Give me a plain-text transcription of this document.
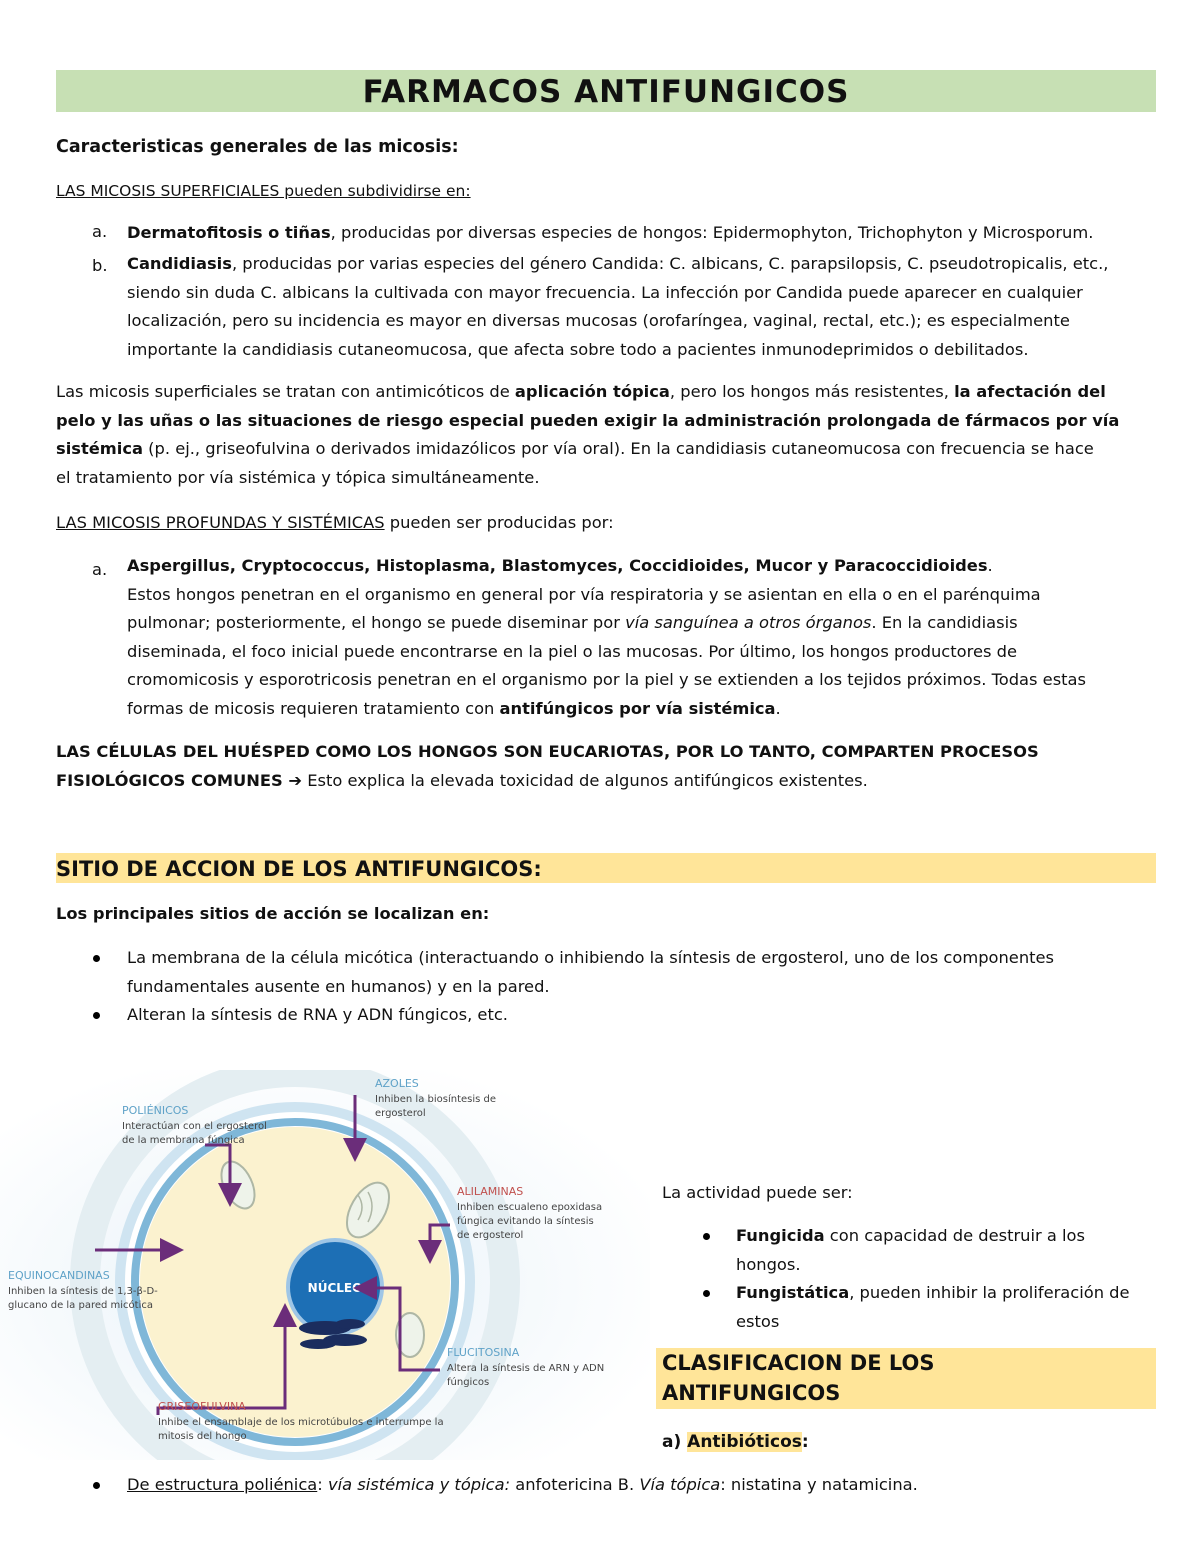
FARMACOS ANTIFUNGICOS
Caracteristicas generales de las micosis:
LAS MICOSIS SUPERFICIALES pueden subdividirse en:
a. Dermatofitosis o tiñas, producidas por diversas especies de hongos: Epidermophyton, Trichophyton y Microsporum.
b. Candidiasis, producidas por varias especies del género Candida: C. albicans, C. parapsilopsis, C. pseudotropicalis, etc.,
siendo sin duda C. albicans la cultivada con mayor frecuencia. La infección por Candida puede aparecer en cualquier
localización, pero su incidencia es mayor en diversas mucosas (orofaríngea, vaginal, rectal, etc.); es especialmente
importante la candidiasis cutaneomucosa, que afecta sobre todo a pacientes inmunodeprimidos o debilitados.
Las micosis superficiales se tratan con antimicóticos de aplicación tópica, pero los hongos más resistentes, la afectación del
pelo y las uñas o las situaciones de riesgo especial pueden exigir la administración prolongada de fármacos por vía
sistémica (p. ej., griseofulvina o derivados imidazólicos por vía oral). En la candidiasis cutaneomucosa con frecuencia se hace
el tratamiento por vía sistémica y tópica simultáneamente.
LAS MICOSIS PROFUNDAS Y SISTÉMICAS pueden ser producidas por:
a. Aspergillus, Cryptococcus, Histoplasma, Blastomyces, Coccidioides, Mucor y Paracoccidioides.
Estos hongos penetran en el organismo en general por vía respiratoria y se asientan en ella o en el parénquima
pulmonar; posteriormente, el hongo se puede diseminar por vía sanguínea a otros órganos. En la candidiasis
diseminada, el foco inicial puede encontrarse en la piel o las mucosas. Por último, los hongos productores de
cromomicosis y esporotricosis penetran en el organismo por la piel y se extienden a los tejidos próximos. Todas estas
formas de micosis requieren tratamiento con antifúngicos por vía sistémica.
LAS CÉLULAS DEL HUÉSPED COMO LOS HONGOS SON EUCARIOTAS, POR LO TANTO, COMPARTEN PROCESOS
FISIOLÓGICOS COMUNES ➔ Esto explica la elevada toxicidad de algunos antifúngicos existentes.
SITIO DE ACCION DE LOS ANTIFUNGICOS:
Los principales sitios de acción se localizan en:
La membrana de la célula micótica (interactuando o inhibiendo la síntesis de ergosterol, uno de los componentes
fundamentales ausente en humanos) y en la pared.
Alteran la síntesis de RNA y ADN fúngicos, etc.
NÚCLEO
AZOLES
Inhiben la biosíntesis de
ergosterol
POLIÉNICOS
Interactúan con el ergosterol
de la membrana fúngica
ALILAMINAS
Inhiben escualeno epoxidasa
fúngica evitando la síntesis
de ergosterol
EQUINOCANDINAS
Inhiben la síntesis de 1,3-β-D-
glucano de la pared micótica
FLUCITOSINA
Altera la síntesis de ARN y ADN
fúngicos
GRISEOFULVINA
Inhibe el ensamblaje de los microtúbulos e interrumpe la
mitosis del hongo
La actividad puede ser:
Fungicida con capacidad de destruir a los
hongos.
Fungistática, pueden inhibir la proliferación de
estos
CLASIFICACION DE LOS
ANTIFUNGICOS
a) Antibióticos:
De estructura poliénica: vía sistémica y tópica: anfotericina B. Vía tópica: nistatina y natamicina.
